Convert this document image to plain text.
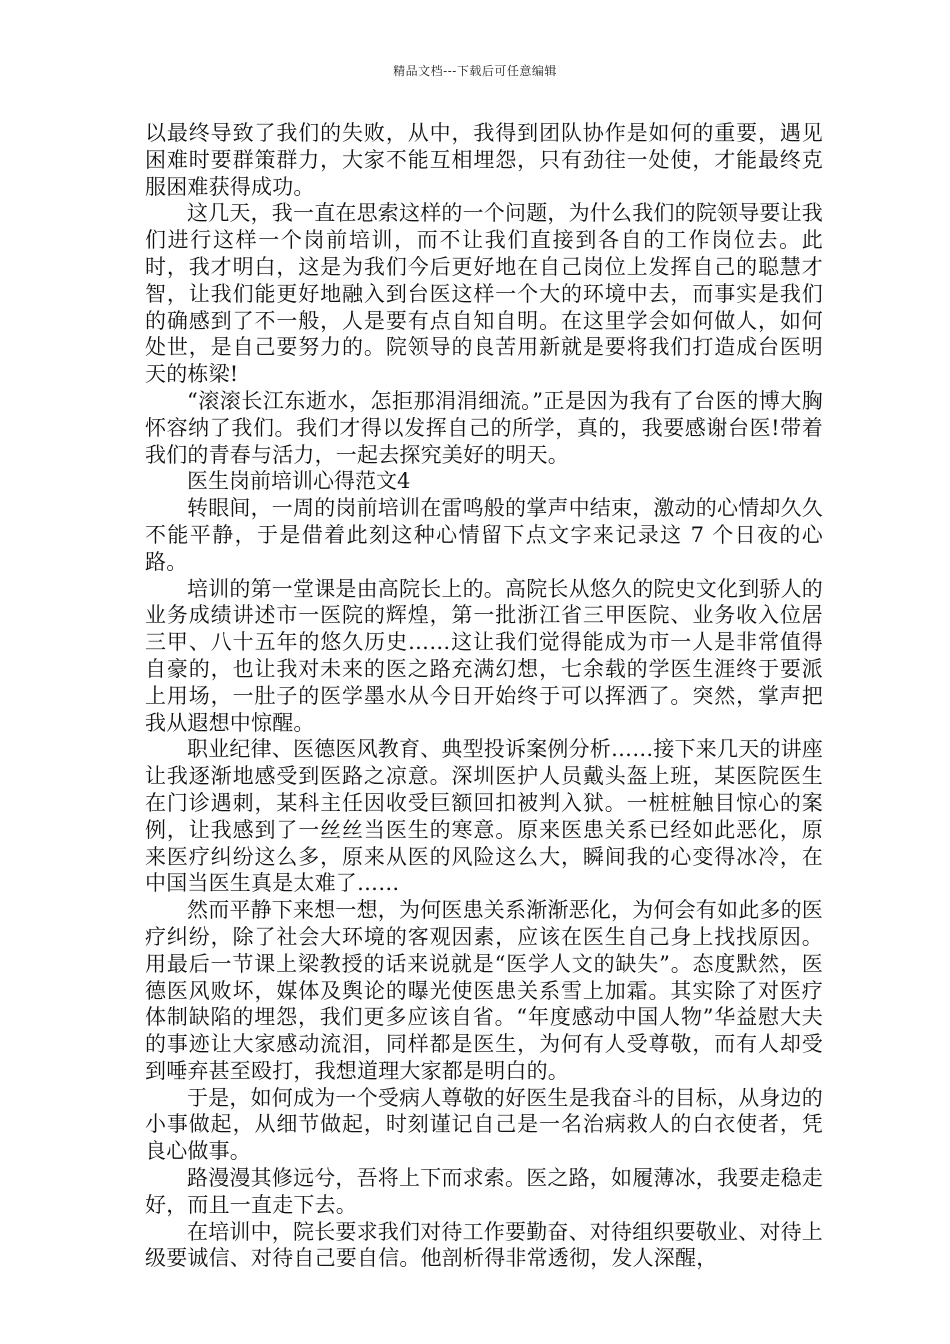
精品文档---下载后可任意编辑

以最终导致了我们的失败，从中，我得到团队协作是如何的重要，遇见困难时要群策群力，大家不能互相埋怨，只有劲往一处使，才能最终克服困难获得成功。

这几天，我一直在思索这样的一个问题，为什么我们的院领导要让我们进行这样一个岗前培训，而不让我们直接到各自的工作岗位去。此时，我才明白，这是为我们今后更好地在自己岗位上发挥自己的聪慧才智，让我们能更好地融入到台医这样一个大的环境中去，而事实是我们的确感到了不一般，人是要有点自知自明。在这里学会如何做人，如何处世，是自己要努力的。院领导的良苦用新就是要将我们打造成台医明天的栋梁!

“滚滚长江东逝水，怎拒那涓涓细流。”正是因为我有了台医的博大胸怀容纳了我们。我们才得以发挥自己的所学，真的，我要感谢台医!带着我们的青春与活力，一起去探究美好的明天。

医生岗前培训心得范文4

转眼间，一周的岗前培训在雷鸣般的掌声中结束，激动的心情却久久不能平静，于是借着此刻这种心情留下点文字来记录这 7 个日夜的心路。

培训的第一堂课是由高院长上的。高院长从悠久的院史文化到骄人的业务成绩讲述市一医院的辉煌，第一批浙江省三甲医院、业务收入位居三甲、八十五年的悠久历史……这让我们觉得能成为市一人是非常值得自豪的，也让我对未来的医之路充满幻想，七余载的学医生涯终于要派上用场，一肚子的医学墨水从今日开始终于可以挥洒了。突然，掌声把我从遐想中惊醒。

职业纪律、医德医风教育、典型投诉案例分析……接下来几天的讲座让我逐渐地感受到医路之凉意。深圳医护人员戴头盔上班，某医院医生在门诊遇刺，某科主任因收受巨额回扣被判入狱。一桩桩触目惊心的案例，让我感到了一丝丝当医生的寒意。原来医患关系已经如此恶化，原来医疗纠纷这么多，原来从医的风险这么大，瞬间我的心变得冰冷，在中国当医生真是太难了……

然而平静下来想一想，为何医患关系渐渐恶化，为何会有如此多的医疗纠纷，除了社会大环境的客观因素，应该在医生自己身上找找原因。用最后一节课上梁教授的话来说就是“医学人文的缺失”。态度默然，医德医风败坏，媒体及舆论的曝光使医患关系雪上加霜。其实除了对医疗体制缺陷的埋怨，我们更多应该自省。“年度感动中国人物”华益慰大夫的事迹让大家感动流泪，同样都是医生，为何有人受尊敬，而有人却受到唾弃甚至殴打，我想道理大家都是明白的。

于是，如何成为一个受病人尊敬的好医生是我奋斗的目标，从身边的小事做起，从细节做起，时刻谨记自己是一名治病救人的白衣使者，凭良心做事。

路漫漫其修远兮，吾将上下而求索。医之路，如履薄冰，我要走稳走好，而且一直走下去。

在培训中，院长要求我们对待工作要勤奋、对待组织要敬业、对待上级要诚信、对待自己要自信。他剖析得非常透彻，发人深醒，
